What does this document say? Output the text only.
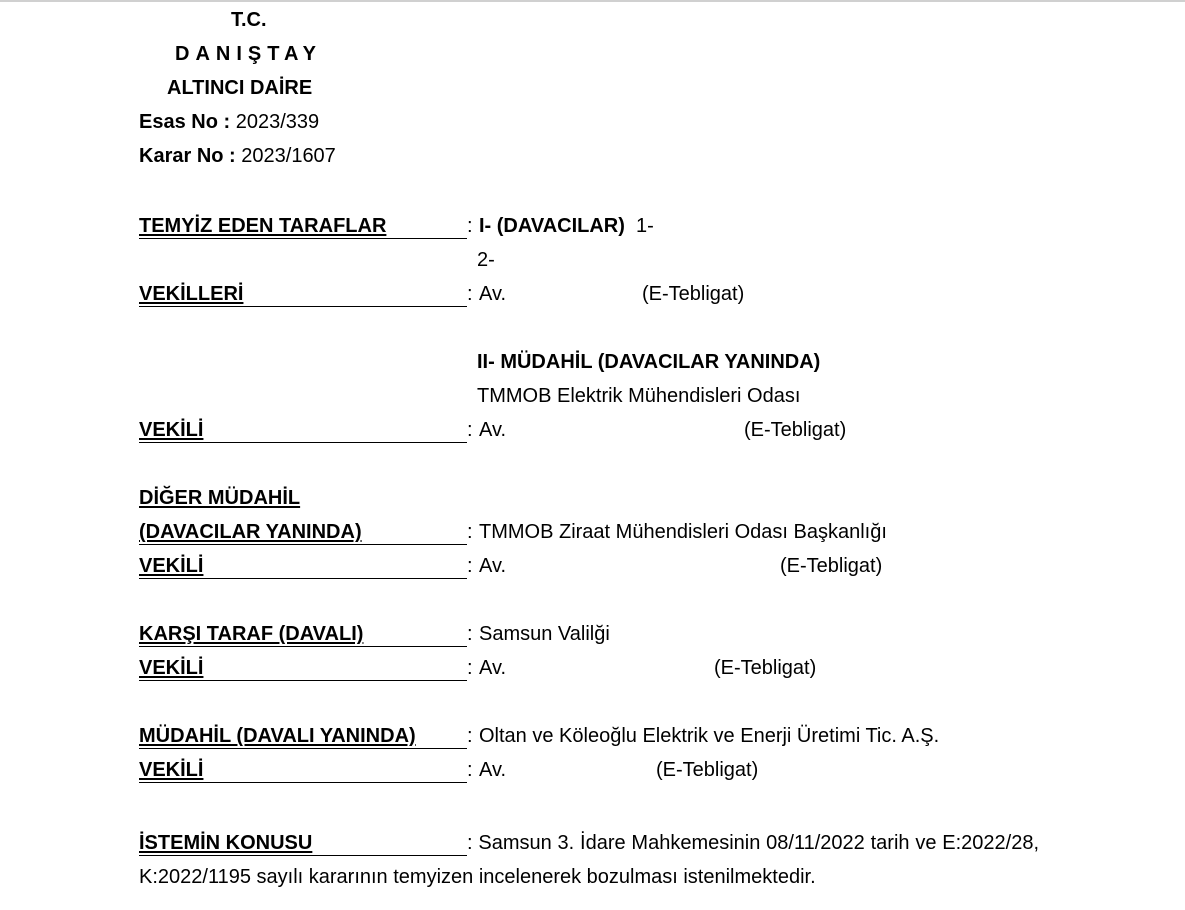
T.C.
DANIŞTAY
ALTINCI DAİRE
Esas No : 2023/339
Karar No : 2023/1607
TEMYİZ EDEN TARAFLAR	: I- (DAVACILAR) 1-
2-
VEKİLLERİ	: Av.	(E-Tebligat)
II- MÜDAHİL (DAVACILAR YANINDA)
TMMOB Elektrik Mühendisleri Odası
VEKİLİ	: Av.	(E-Tebligat)
DİĞER MÜDAHİL
(DAVACILAR YANINDA)	: TMMOB Ziraat Mühendisleri Odası Başkanlığı
VEKİLİ	: Av.	(E-Tebligat)
KARŞI TARAF (DAVALI)	: Samsun Valilği
VEKİLİ	: Av.	(E-Tebligat)
MÜDAHİL (DAVALI YANINDA)	: Oltan ve Köleoğlu Elektrik ve Enerji Üretimi Tic. A.Ş.
VEKİLİ	: Av.	(E-Tebligat)
İSTEMİN KONUSU	: Samsun 3. İdare Mahkemesinin 08/11/2022 tarih ve E:2022/28, K:2022/1195 sayılı kararının temyizen incelenerek bozulması istenilmektedir.
